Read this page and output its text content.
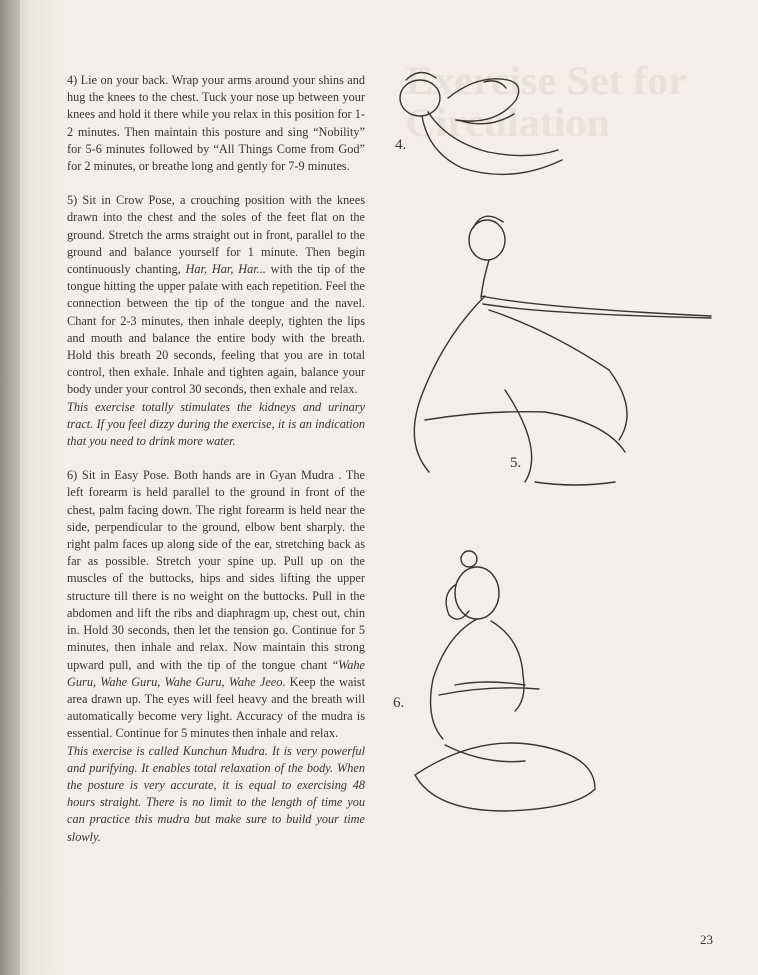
Exercise Set for
Circulation

4) Lie on your back. Wrap your arms around your shins and hug the knees to the chest. Tuck your nose up between your knees and hold it there while you relax in this position for 1-2 minutes. Then maintain this posture and sing “Nobility” for 5-6 minutes followed by “All Things Come from God” for 2 minutes, or breathe long and gently for 7-9 minutes.

5) Sit in Crow Pose, a crouching position with the knees drawn into the chest and the soles of the feet flat on the ground. Stretch the arms straight out in front, parallel to the ground and balance yourself for 1 minute. Then begin continuously chanting, Har, Har, Har... with the tip of the tongue hitting the upper palate with each repetition. Feel the connection between the tip of the tongue and the navel. Chant for 2-3 minutes, then inhale deeply, tighten the lips and mouth and balance the entire body with the breath. Hold this breath 20 seconds, feeling that you are in total control, then exhale. Inhale and tighten again, balance your body under your control 30 seconds, then exhale and relax.

This exercise totally stimulates the kidneys and urinary tract. If you feel dizzy during the exercise, it is an indication that you need to drink more water.

6) Sit in Easy Pose. Both hands are in Gyan Mudra . The left forearm is held parallel to the ground in front of the chest, palm facing down. The right forearm is held near the side, perpendicular to the ground, elbow bent sharply. the right palm faces up along side of the ear, stretching back as far as possible. Stretch your spine up. Pull up on the muscles of the buttocks, hips and sides lifting the upper structure till there is no weight on the buttocks. Pull in the abdomen and lift the ribs and diaphragm up, chest out, chin in. Hold 30 seconds, then let the tension go. Continue for 5 minutes, then inhale and relax. Now maintain this strong upward pull, and with the tip of the tongue chant “Wahe Guru, Wahe Guru, Wahe Guru, Wahe Jeeo. Keep the waist area drawn up. The eyes will feel heavy and the breath will automatically become very light. Accuracy of the mudra is essential. Continue for 5 minutes then inhale and relax.

This exercise is called Kunchun Mudra. It is very powerful and purifying. It enables total relaxation of the body. When the posture is very accurate, it is equal to exercising 48 hours straight. There is no limit to the length of time you can practice this mudra but make sure to build your time slowly.

4.
5.
6.
23
